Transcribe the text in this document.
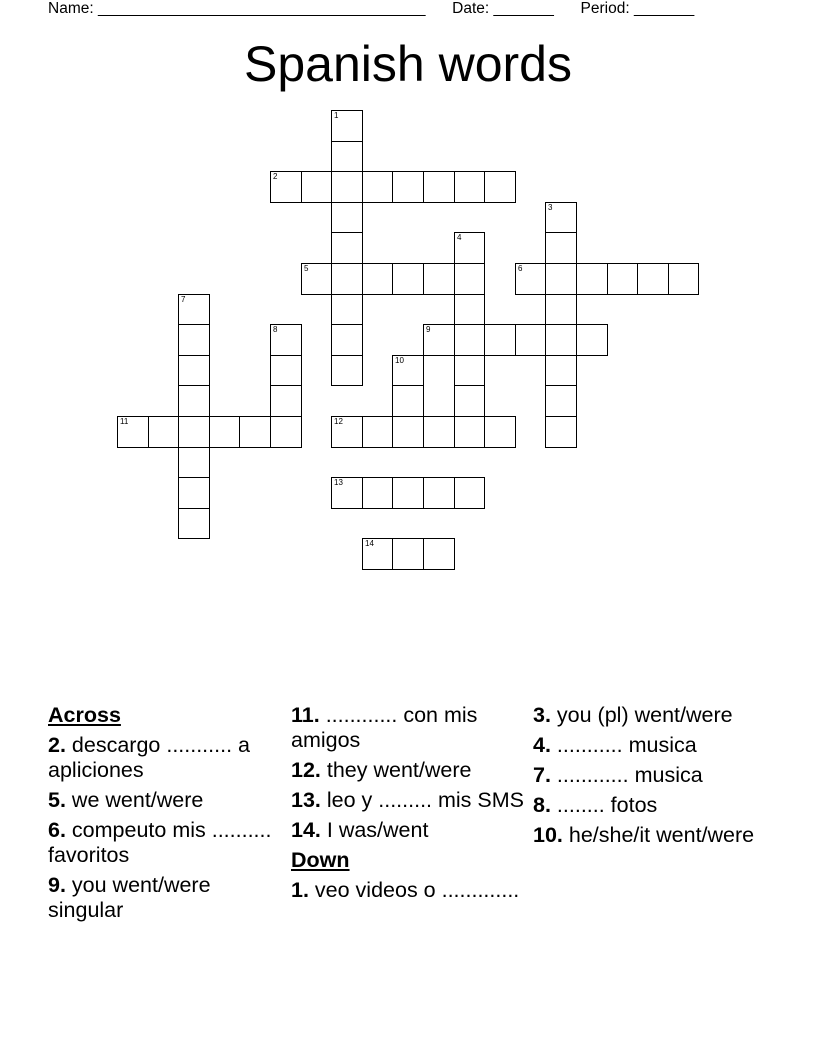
Name: ______________________________________ Date: _______ Period: _______
Spanish words
1
2
3
4
5	6
7
8	9
10
11	12
13
14
Across
2. descargo ........... a apliciones
5. we went/were
6. compeuto mis .......... favoritos
9. you went/were singular
11. ............ con mis amigos
12. they went/were
13. leo y ......... mis SMS
14. I was/went
Down
1. veo videos o .............
3. you (pl) went/were
4. ........... musica
7. ............ musica
8. ........ fotos
10. he/she/it went/were
